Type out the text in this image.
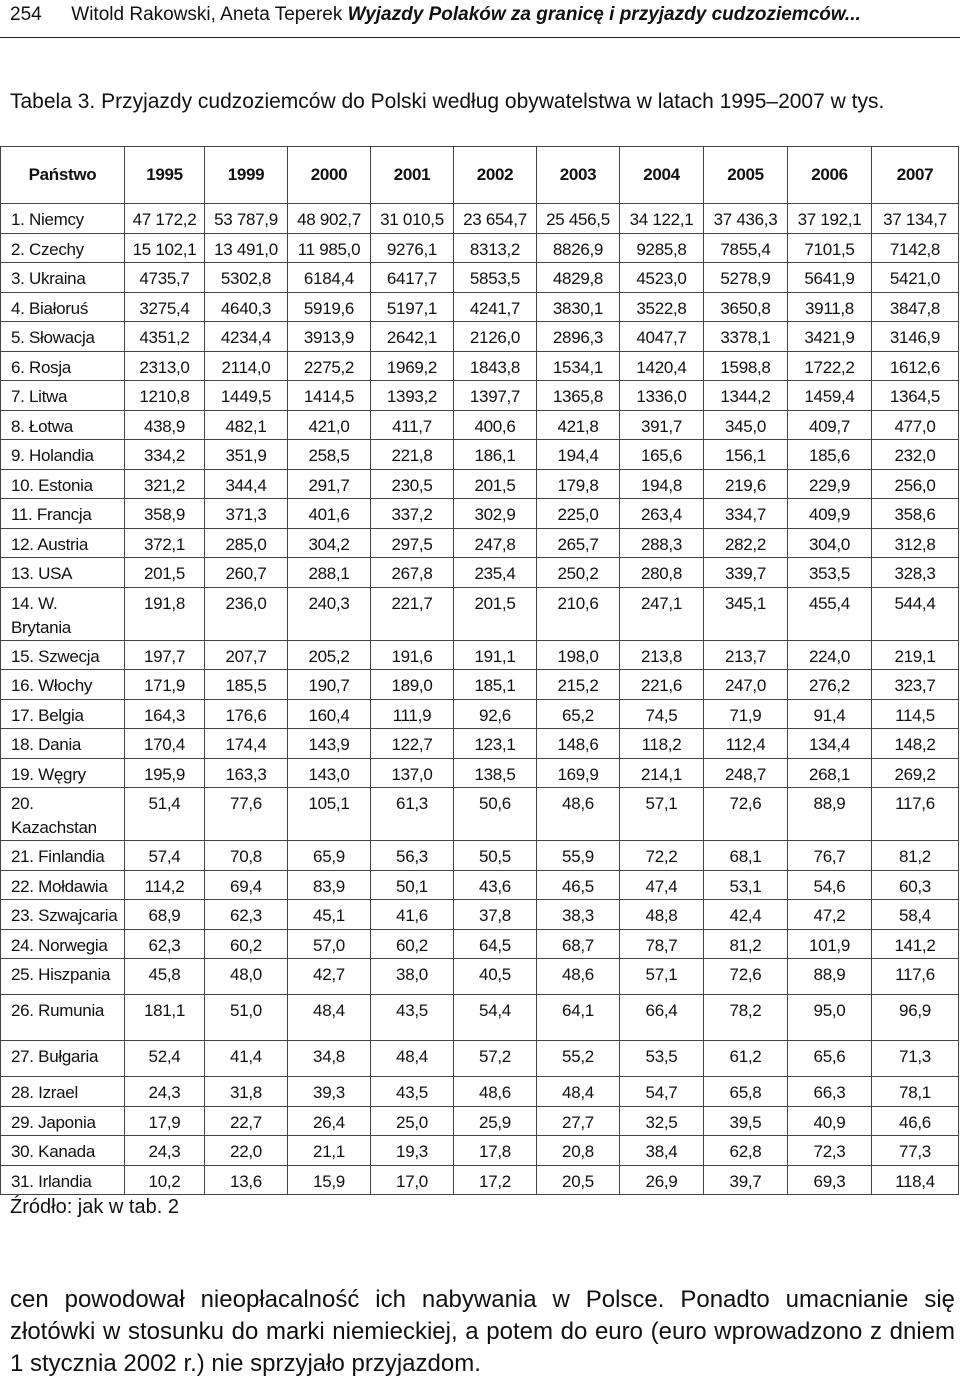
254 Witold Rakowski, Aneta Teperek Wyjazdy Polaków za granicę i przyjazdy cudzoziemców...
Tabela 3. Przyjazdy cudzoziemców do Polski według obywatelstwa w latach 1995–2007 w tys.
Państwo	1995	1999	2000	2001	2002	2003	2004	2005	2006	2007
1. Niemcy	47 172,2	53 787,9	48 902,7	31 010,5	23 654,7	25 456,5	34 122,1	37 436,3	37 192,1	37 134,7
2. Czechy	15 102,1	13 491,0	11 985,0	9276,1	8313,2	8826,9	9285,8	7855,4	7101,5	7142,8
3. Ukraina	4735,7	5302,8	6184,4	6417,7	5853,5	4829,8	4523,0	5278,9	5641,9	5421,0
4. Białoruś	3275,4	4640,3	5919,6	5197,1	4241,7	3830,1	3522,8	3650,8	3911,8	3847,8
5. Słowacja	4351,2	4234,4	3913,9	2642,1	2126,0	2896,3	4047,7	3378,1	3421,9	3146,9
6. Rosja	2313,0	2114,0	2275,2	1969,2	1843,8	1534,1	1420,4	1598,8	1722,2	1612,6
7. Litwa	1210,8	1449,5	1414,5	1393,2	1397,7	1365,8	1336,0	1344,2	1459,4	1364,5
8. Łotwa	438,9	482,1	421,0	411,7	400,6	421,8	391,7	345,0	409,7	477,0
9. Holandia	334,2	351,9	258,5	221,8	186,1	194,4	165,6	156,1	185,6	232,0
10. Estonia	321,2	344,4	291,7	230,5	201,5	179,8	194,8	219,6	229,9	256,0
11. Francja	358,9	371,3	401,6	337,2	302,9	225,0	263,4	334,7	409,9	358,6
12. Austria	372,1	285,0	304,2	297,5	247,8	265,7	288,3	282,2	304,0	312,8
13. USA	201,5	260,7	288,1	267,8	235,4	250,2	280,8	339,7	353,5	328,3
14. W. Brytania	191,8	236,0	240,3	221,7	201,5	210,6	247,1	345,1	455,4	544,4
15. Szwecja	197,7	207,7	205,2	191,6	191,1	198,0	213,8	213,7	224,0	219,1
16. Włochy	171,9	185,5	190,7	189,0	185,1	215,2	221,6	247,0	276,2	323,7
17. Belgia	164,3	176,6	160,4	111,9	92,6	65,2	74,5	71,9	91,4	114,5
18. Dania	170,4	174,4	143,9	122,7	123,1	148,6	118,2	112,4	134,4	148,2
19. Węgry	195,9	163,3	143,0	137,0	138,5	169,9	214,1	248,7	268,1	269,2
20. Kazachstan	51,4	77,6	105,1	61,3	50,6	48,6	57,1	72,6	88,9	117,6
21. Finlandia	57,4	70,8	65,9	56,3	50,5	55,9	72,2	68,1	76,7	81,2
22. Mołdawia	114,2	69,4	83,9	50,1	43,6	46,5	47,4	53,1	54,6	60,3
23. Szwajcaria	68,9	62,3	45,1	41,6	37,8	38,3	48,8	42,4	47,2	58,4
24. Norwegia	62,3	60,2	57,0	60,2	64,5	68,7	78,7	81,2	101,9	141,2
25. Hiszpania	45,8	48,0	42,7	38,0	40,5	48,6	57,1	72,6	88,9	117,6
26. Rumunia	181,1	51,0	48,4	43,5	54,4	64,1	66,4	78,2	95,0	96,9
27. Bułgaria	52,4	41,4	34,8	48,4	57,2	55,2	53,5	61,2	65,6	71,3
28. Izrael	24,3	31,8	39,3	43,5	48,6	48,4	54,7	65,8	66,3	78,1
29. Japonia	17,9	22,7	26,4	25,0	25,9	27,7	32,5	39,5	40,9	46,6
30. Kanada	24,3	22,0	21,1	19,3	17,8	20,8	38,4	62,8	72,3	77,3
31. Irlandia	10,2	13,6	15,9	17,0	17,2	20,5	26,9	39,7	69,3	118,4
Źródło: jak w tab. 2
cen powodował nieopłacalność ich nabywania w Polsce. Ponadto umacnianie się złotówki w stosunku do marki niemieckiej, a potem do euro (euro wprowadzono z dniem 1 stycznia 2002 r.) nie sprzyjało przyjazdom.
